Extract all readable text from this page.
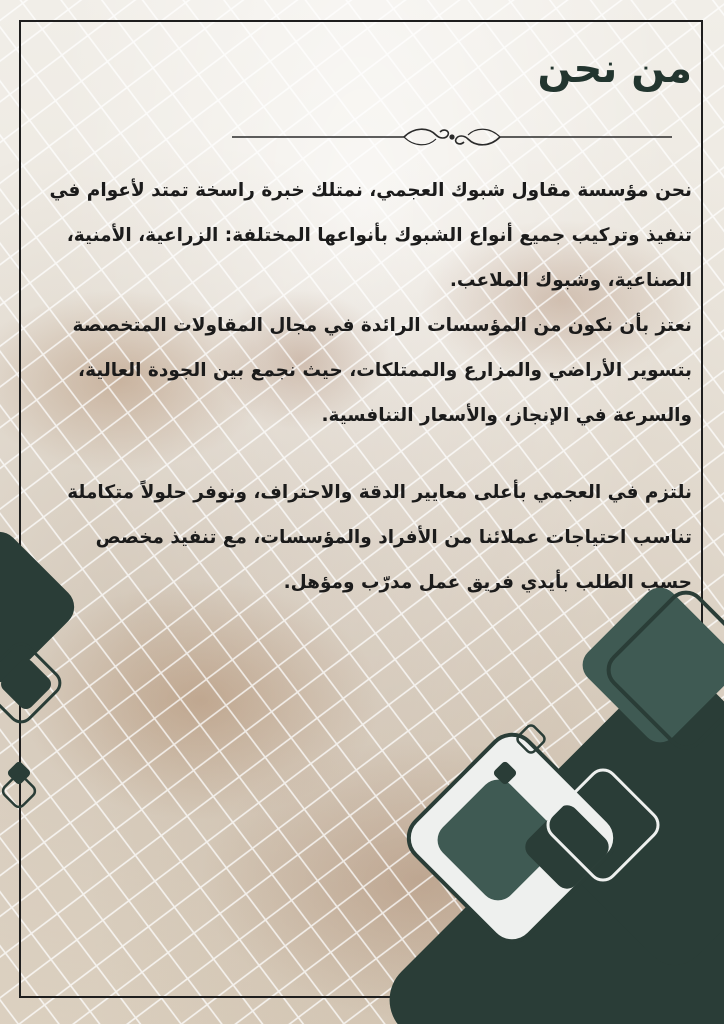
من نحن

نحن مؤسسة مقاول شبوك العجمي، نمتلك خبرة راسخة تمتد لأعوام في تنفيذ وتركيب جميع أنواع الشبوك بأنواعها المختلفة: الزراعية، الأمنية، الصناعية، وشبوك الملاعب.

نعتز بأن نكون من المؤسسات الرائدة في مجال المقاولات المتخصصة بتسوير الأراضي والمزارع والممتلكات، حيث نجمع بين الجودة العالية، والسرعة في الإنجاز، والأسعار التنافسية.

نلتزم في العجمي بأعلى معايير الدقة والاحتراف، ونوفر حلولاً متكاملة تناسب احتياجات عملائنا من الأفراد والمؤسسات، مع تنفيذ مخصص حسب الطلب بأيدي فريق عمل مدرّب ومؤهل.
